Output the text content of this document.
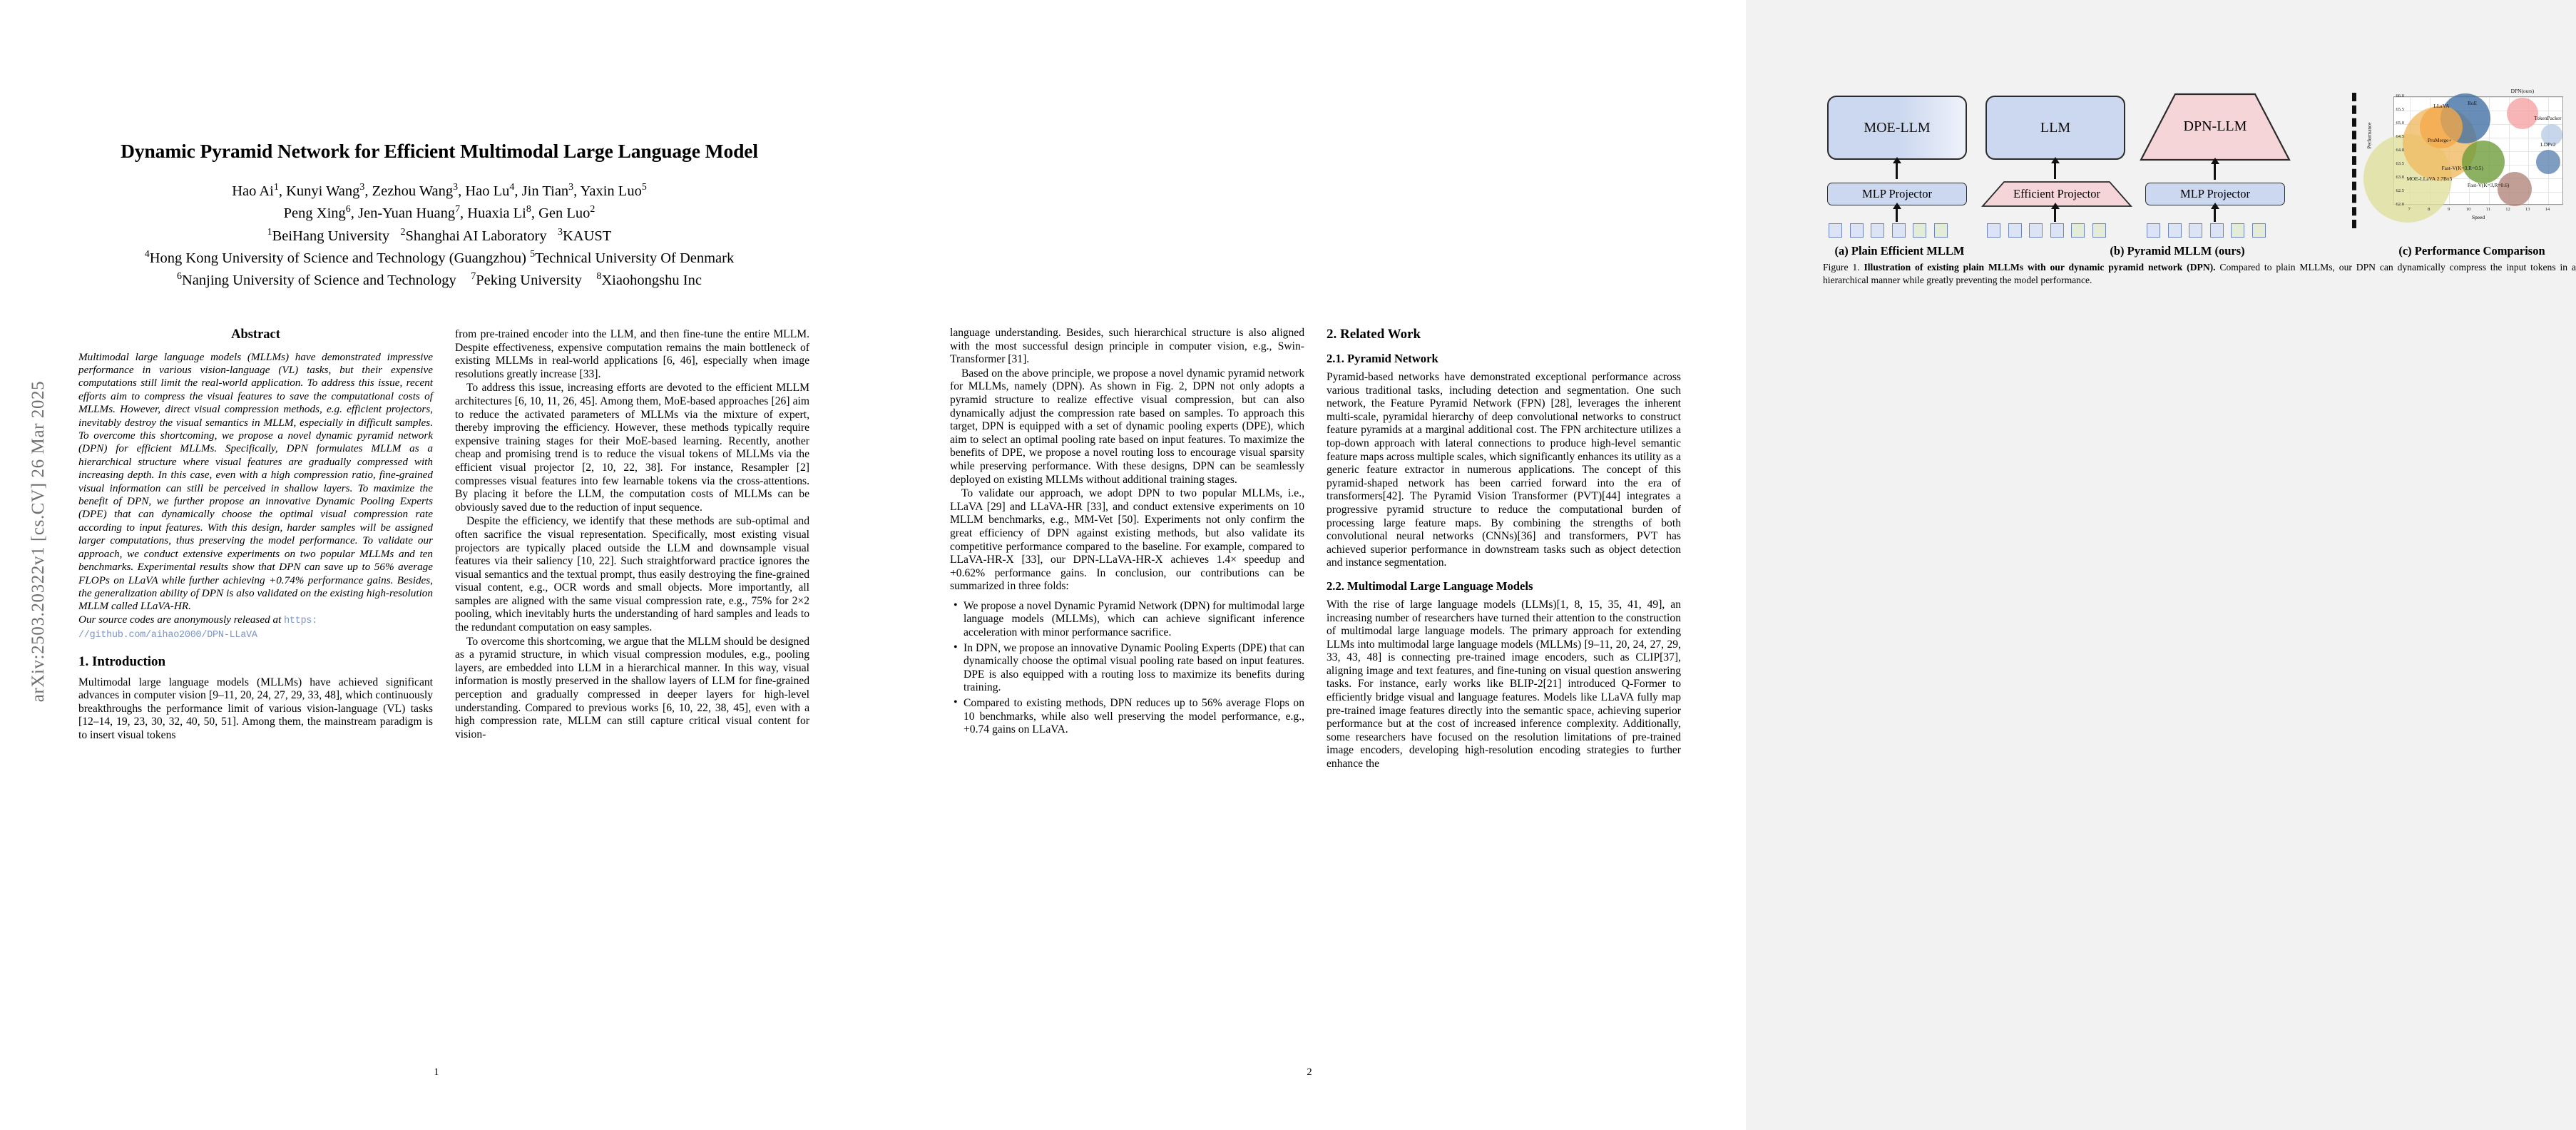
arXiv:2503.20322v1 [cs.CV] 26 Mar 2025
Dynamic Pyramid Network for Efficient Multimodal Large Language Model
Hao Ai$^1$, Kunyi Wang$^3$, Zezhou Wang$^3$, Hao Lu$^4$, Jin Tian$^3$, Yaxin Luo$^5$
Peng Xing$^6$, Jen-Yuan Huang$^7$, Huaxia Li$^8$, Gen Luo$^2$
$^1$BeiHang University   $^2$Shanghai AI Laboratory   $^3$KAUST
$^4$Hong Kong University of Science and Technology (Guangzhou) $^5$Technical University Of Denmark
$^6$Nanjing University of Science and Technology    $^7$Peking University    $^8$Xiaohongshu Inc
Abstract

Multimodal large language models (MLLMs) have demonstrated impressive performance in various vision-language (VL) tasks, but their expensive computations still limit the real-world application. To address this issue, recent efforts aim to compress the visual features to save the computational costs of MLLMs. However, direct visual compression methods, e.g. efficient projectors, inevitably destroy the visual semantics in MLLM, especially in difficult samples. To overcome this shortcoming, we propose a novel dynamic pyramid network (DPN) for efficient MLLMs. Specifically, DPN formulates MLLM as a hierarchical structure where visual features are gradually compressed with increasing depth. In this case, even with a high compression ratio, fine-grained visual information can still be perceived in shallow layers. To maximize the benefit of DPN, we further propose an innovative Dynamic Pooling Experts (DPE) that can dynamically choose the optimal visual compression rate according to input features. With this design, harder samples will be assigned larger computations, thus preserving the model performance. To validate our approach, we conduct extensive experiments on two popular MLLMs and ten benchmarks. Experimental results show that DPN can save up to 56% average FLOPs on LLaVA while further achieving +0.74% performance gains. Besides, the generalization ability of DPN is also validated on the existing high-resolution MLLM called LLaVA-HR.

Our source codes are anonymously released at https:
//github.com/aihao2000/DPN-LLaVA

1. Introduction

Multimodal large language models (MLLMs) have achieved significant advances in computer vision [9–11, 20, 24, 27, 29, 33, 48], which continuously breakthroughs the performance limit of various vision-language (VL) tasks [12–14, 19, 23, 30, 32, 40, 50, 51]. Among them, the mainstream paradigm is to insert visual tokens

from pre-trained encoder into the LLM, and then fine-tune the entire MLLM. Despite effectiveness, expensive computation remains the main bottleneck of existing MLLMs in real-world applications [6, 46], especially when image resolutions greatly increase [33].

To address this issue, increasing efforts are devoted to the efficient MLLM architectures [6, 10, 11, 26, 45]. Among them, MoE-based approaches [26] aim to reduce the activated parameters of MLLMs via the mixture of expert, thereby improving the efficiency. However, these methods typically require expensive training stages for their MoE-based learning. Recently, another cheap and promising trend is to reduce the visual tokens of MLLMs via the efficient visual projector [2, 10, 22, 38]. For instance, Resampler [2] compresses visual features into few learnable tokens via the cross-attentions. By placing it before the LLM, the computation costs of MLLMs can be obviously saved due to the reduction of input sequence.

Despite the efficiency, we identify that these methods are sub-optimal and often sacrifice the visual representation. Specifically, most existing visual projectors are typically placed outside the LLM and downsample visual features via their saliency [10, 22]. Such straightforward practice ignores the visual semantics and the textual prompt, thus easily destroying the fine-grained visual content, e.g., OCR words and small objects. More importantly, all samples are aligned with the same visual compression rate, e.g., 75% for 2×2 pooling, which inevitably hurts the understanding of hard samples and leads to the redundant computation on easy samples.

To overcome this shortcoming, we argue that the MLLM should be designed as a pyramid structure, in which visual compression modules, e.g., pooling layers, are embedded into LLM in a hierarchical manner. In this way, visual information is mostly preserved in the shallow layers of LLM for fine-grained perception and gradually compressed in deeper layers for high-level understanding. Compared to previous works [6, 10, 22, 38, 45], even with a high compression rate, MLLM can still capture critical visual content for vision-

1
MOE-LLM
MLP Projector
LLM
Efficient Projector
DPN-LLM
MLP Projector
Performance
MOE-LLaVA 2.7Bx5
LLaVA
PruMerge+
RoE
Fast-V(K=3,R=0.5)
Fast-V(K=3,R=0.6)
DPN(ours)
TokenPacker
LDPv2
62.0
62.5
63.0
63.5
64.0
64.5
65.0
65.5
66.0
7	8	9	10	11	12	13	14
Speed
(a) Plain Efficient MLLM	(b) Pyramid MLLM (ours)	(c) Performance Comparison
Figure 1. Illustration of existing plain MLLMs with our dynamic pyramid network (DPN). Compared to plain MLLMs, our DPN can dynamically compress the input tokens in a hierarchical manner while greatly preventing the model performance.

language understanding. Besides, such hierarchical structure is also aligned with the most successful design principle in computer vision, e.g., Swin-Transformer [31].

Based on the above principle, we propose a novel dynamic pyramid network for MLLMs, namely (DPN). As shown in Fig. 2, DPN not only adopts a pyramid structure to realize effective visual compression, but can also dynamically adjust the compression rate based on samples. To approach this target, DPN is equipped with a set of dynamic pooling experts (DPE), which aim to select an optimal pooling rate based on input features. To maximize the benefits of DPE, we propose a novel routing loss to encourage visual sparsity while preserving performance. With these designs, DPN can be seamlessly deployed on existing MLLMs without additional training stages.

To validate our approach, we adopt DPN to two popular MLLMs, i.e., LLaVA [29] and LLaVA-HR [33], and conduct extensive experiments on 10 MLLM benchmarks, e.g., MM-Vet [50]. Experiments not only confirm the great efficiency of DPN against existing methods, but also validate its competitive performance compared to the baseline. For example, compared to LLaVA-HR-X [33], our DPN-LLaVA-HR-X achieves 1.4× speedup and +0.62% performance gains. In conclusion, our contributions can be summarized in three folds:

• We propose a novel Dynamic Pyramid Network (DPN) for multimodal large language models (MLLMs), which can achieve significant inference acceleration with minor performance sacrifice.
• In DPN, we propose an innovative Dynamic Pooling Experts (DPE) that can dynamically choose the optimal visual pooling rate based on input features. DPE is also equipped with a routing loss to maximize its benefits during training.
• Compared to existing methods, DPN reduces up to 56% average Flops on 10 benchmarks, while also well preserving the model performance, e.g., +0.74 gains on LLaVA.
2. Related Work
2.1. Pyramid Network

Pyramid-based networks have demonstrated exceptional performance across various traditional tasks, including detection and segmentation. One such network, the Feature Pyramid Network (FPN) [28], leverages the inherent multi-scale, pyramidal hierarchy of deep convolutional networks to construct feature pyramids at a marginal additional cost. The FPN architecture utilizes a top-down approach with lateral connections to produce high-level semantic feature maps across multiple scales, which significantly enhances its utility as a generic feature extractor in numerous applications. The concept of this pyramid-shaped network has been carried forward into the era of transformers[42]. The Pyramid Vision Transformer (PVT)[44] integrates a progressive pyramid structure to reduce the computational burden of processing large feature maps. By combining the strengths of both convolutional neural networks (CNNs)[36] and transformers, PVT has achieved superior performance in downstream tasks such as object detection and instance segmentation.

2.2. Multimodal Large Language Models

With the rise of large language models (LLMs)[1, 8, 15, 35, 41, 49], an increasing number of researchers have turned their attention to the construction of multimodal large language models. The primary approach for extending LLMs into multimodal large language models (MLLMs) [9–11, 20, 24, 27, 29, 33, 43, 48] is connecting pre-trained image encoders, such as CLIP[37], aligning image and text features, and fine-tuning on visual question answering tasks. For instance, early works like BLIP-2[21] introduced Q-Former to efficiently bridge visual and language features. Models like LLaVA fully map pre-trained image features directly into the semantic space, achieving superior performance but at the cost of increased inference complexity. Additionally, some researchers have focused on the resolution limitations of pre-trained image encoders, developing high-resolution encoding strategies to further enhance the

2
